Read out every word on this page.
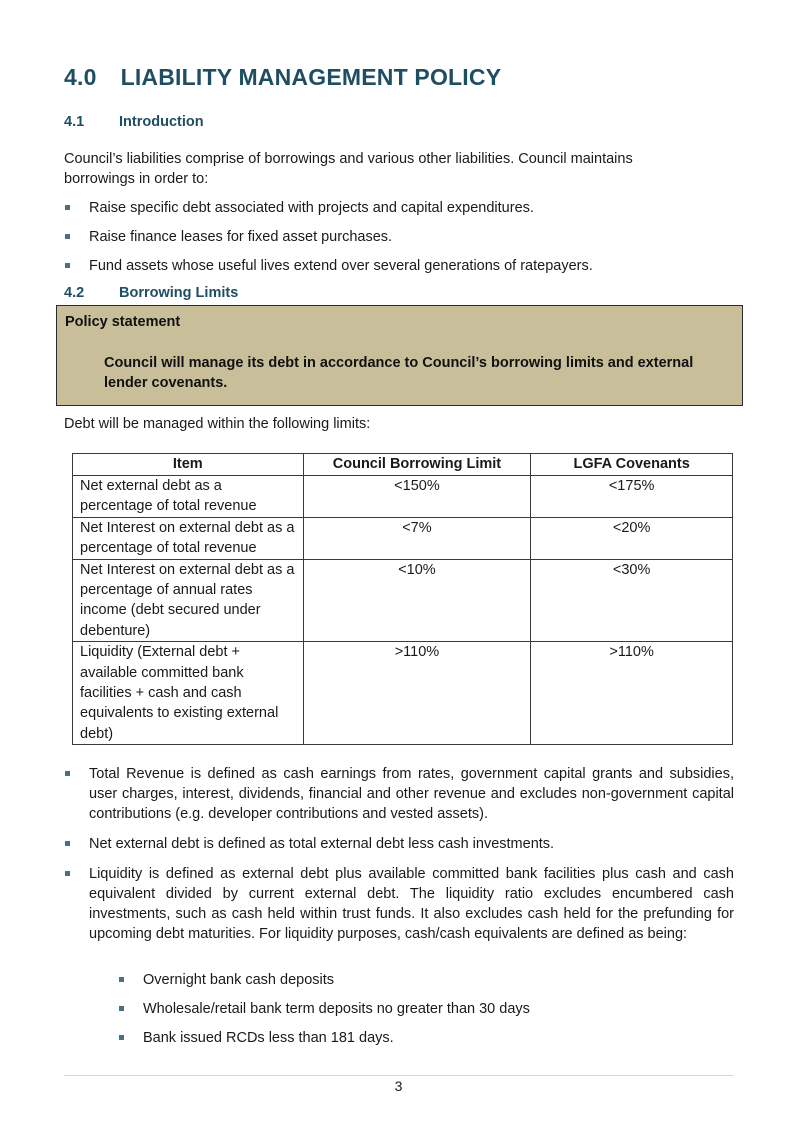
4.0 LIABILITY MANAGEMENT POLICY
4.1 Introduction
Council’s liabilities comprise of borrowings and various other liabilities. Council maintains borrowings in order to:
Raise specific debt associated with projects and capital expenditures.
Raise finance leases for fixed asset purchases.
Fund assets whose useful lives extend over several generations of ratepayers.
4.2 Borrowing Limits
Policy statement
Council will manage its debt in accordance to Council’s borrowing limits and external lender covenants.
Debt will be managed within the following limits:
Item	Council Borrowing Limit	LGFA Covenants
Net external debt as a percentage of total revenue	<150%	<175%
Net Interest on external debt as a percentage of total revenue	<7%	<20%
Net Interest on external debt as a percentage of annual rates income (debt secured under debenture)	<10%	<30%
Liquidity (External debt + available committed bank facilities + cash and cash equivalents to existing external debt)	>110%	>110%
Total Revenue is defined as cash earnings from rates, government capital grants and subsidies, user charges, interest, dividends, financial and other revenue and excludes non-government capital contributions (e.g. developer contributions and vested assets).
Net external debt is defined as total external debt less cash investments.
Liquidity is defined as external debt plus available committed bank facilities plus cash and cash equivalent divided by current external debt. The liquidity ratio excludes encumbered cash investments, such as cash held within trust funds. It also excludes cash held for the prefunding for upcoming debt maturities. For liquidity purposes, cash/cash equivalents are defined as being:
Overnight bank cash deposits
Wholesale/retail bank term deposits no greater than 30 days
Bank issued RCDs less than 181 days.
3
